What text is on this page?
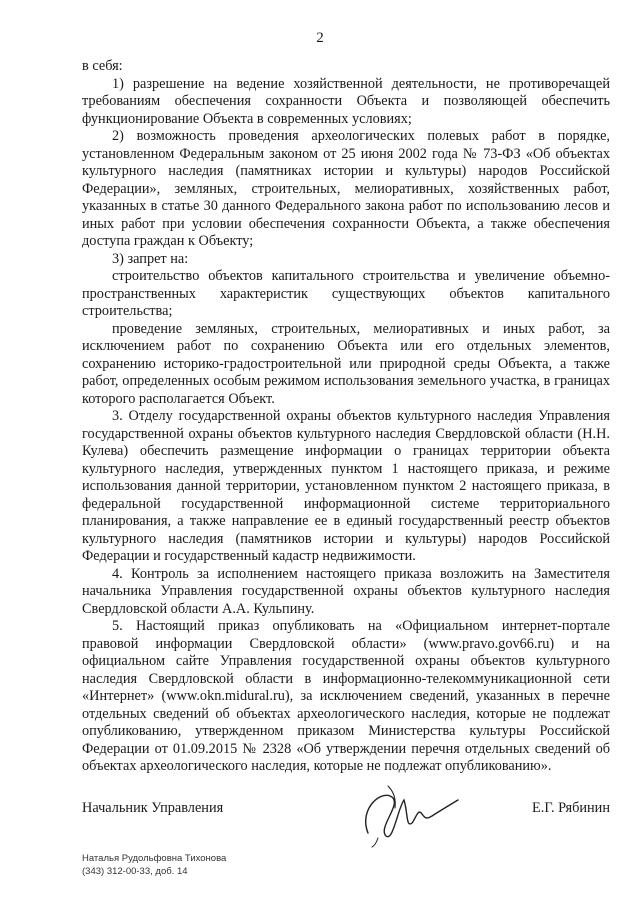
2

в себя:

1) разрешение на ведение хозяйственной деятельности, не противоречащей требованиям обеспечения сохранности Объекта и позволяющей обеспечить функционирование Объекта в современных условиях;

2) возможность проведения археологических полевых работ в порядке, установленном Федеральным законом от 25 июня 2002 года № 73-ФЗ «Об объектах культурного наследия (памятниках истории и культуры) народов Российской Федерации», земляных, строительных, мелиоративных, хозяйственных работ, указанных в статье 30 данного Федерального закона работ по использованию лесов и иных работ при условии обеспечения сохранности Объекта, а также обеспечения доступа граждан к Объекту;

3) запрет на:

строительство объектов капитального строительства и увеличение объемно-пространственных характеристик существующих объектов капитального строительства;

проведение земляных, строительных, мелиоративных и иных работ, за исключением работ по сохранению Объекта или его отдельных элементов, сохранению историко-градостроительной или природной среды Объекта, а также работ, определенных особым режимом использования земельного участка, в границах которого располагается Объект.

3. Отделу государственной охраны объектов культурного наследия Управления государственной охраны объектов культурного наследия Свердловской области (Н.Н. Кулева) обеспечить размещение информации о границах территории объекта культурного наследия, утвержденных пунктом 1 настоящего приказа, и режиме использования данной территории, установленном пунктом 2 настоящего приказа, в федеральной государственной информационной системе территориального планирования, а также направление ее в единый государственный реестр объектов культурного наследия (памятников истории и культуры) народов Российской Федерации и государственный кадастр недвижимости.

4. Контроль за исполнением настоящего приказа возложить на Заместителя начальника Управления государственной охраны объектов культурного наследия Свердловской области А.А. Кульпину.

5. Настоящий приказ опубликовать на «Официальном интернет-портале правовой информации Свердловской области» (www.pravo.gov66.ru) и на официальном сайте Управления государственной охраны объектов культурного наследия Свердловской области в информационно-телекоммуникационной сети «Интернет» (www.okn.midural.ru), за исключением сведений, указанных в перечне отдельных сведений об объектах археологического наследия, которые не подлежат опубликованию, утвержденном приказом Министерства культуры Российской Федерации от 01.09.2015 № 2328 «Об утверждении перечня отдельных сведений об объектах археологического наследия, которые не подлежат опубликованию».

Начальник Управления	Е.Г. Рябинин
Наталья Рудольфовна Тихонова
(343) 312-00-33, доб. 14
